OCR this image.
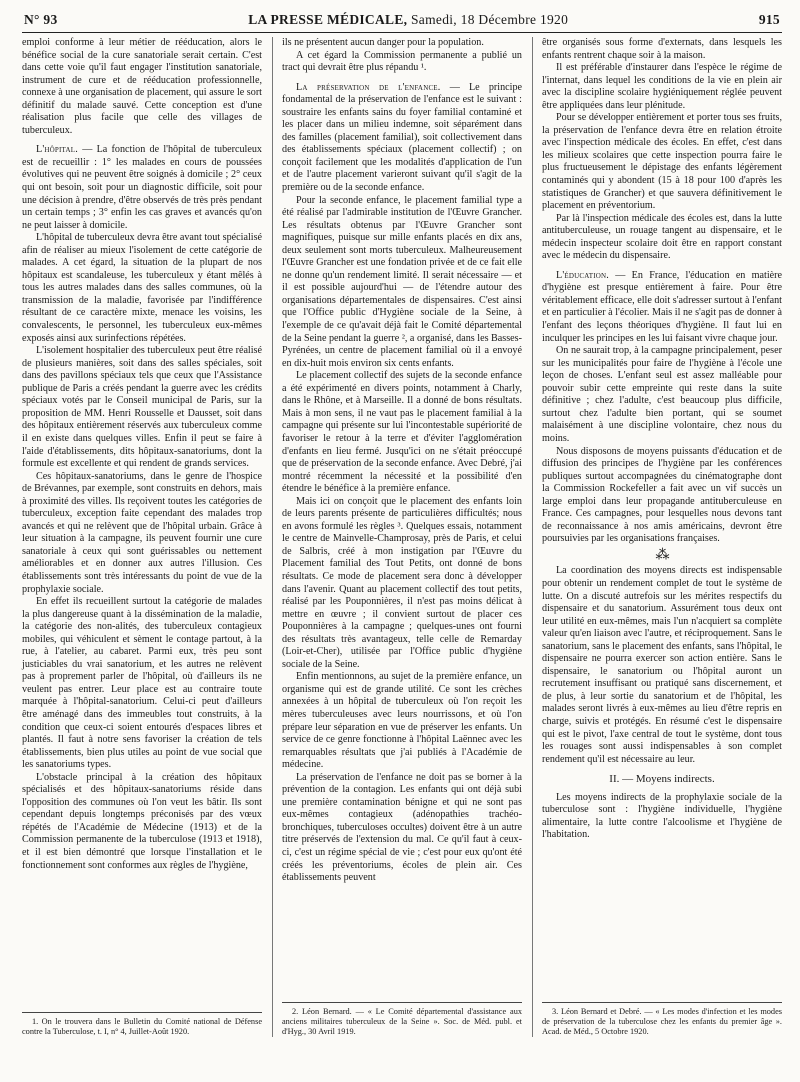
N° 93	LA PRESSE MÉDICALE, Samedi, 18 Décembre 1920	915

emploi conforme à leur métier de rééducation, alors le bénéfice social de la cure sanatoriale serait certain. C'est dans cette voie qu'il faut engager l'institution sanatoriale, instrument de cure et de rééducation professionnelle, connexe à une organisation de placement, qui assure le sort définitif du malade sauvé. Cette conception est d'une réalisation plus facile que celle des villages de tuberculeux.

L'hôpital. — La fonction de l'hôpital de tuberculeux est de recueillir : 1° les malades en cours de poussées évolutives qui ne peuvent être soignés à domicile ; 2° ceux qui ont besoin, soit pour un diagnostic difficile, soit pour une décision à prendre, d'être observés de très près pendant un certain temps ; 3° enfin les cas graves et avancés qu'on ne peut laisser à domicile.

L'hôpital de tuberculeux devra être avant tout spécialisé afin de réaliser au mieux l'isolement de cette catégorie de malades. A cet égard, la situation de la plupart de nos hôpitaux est scandaleuse, les tuberculeux y étant mêlés à tous les autres malades dans des salles communes, où la transmission de la maladie, favorisée par l'indifférence résultant de ce caractère mixte, menace les voisins, les convalescents, le personnel, les tuberculeux eux-mêmes exposés ainsi aux surinfections répétées.

L'isolement hospitalier des tuberculeux peut être réalisé de plusieurs manières, soit dans des salles spéciales, soit dans des pavillons spéciaux tels que ceux que l'Assistance publique de Paris a créés pendant la guerre avec les crédits spéciaux votés par le Conseil municipal de Paris, sur la proposition de MM. Henri Rousselle et Dausset, soit dans des hôpitaux entièrement réservés aux tuberculeux comme il en existe dans quelques villes. Enfin il peut se faire à l'aide d'établissements, dits hôpitaux-sanatoriums, dont la formule est excellente et qui rendent de grands services.

Ces hôpitaux-sanatoriums, dans le genre de l'hospice de Brévannes, par exemple, sont construits en dehors, mais à proximité des villes. Ils reçoivent toutes les catégories de tuberculeux, exception faite cependant des malades trop avancés et qui ne relèvent que de l'hôpital urbain. Grâce à leur situation à la campagne, ils peuvent fournir une cure sanatoriale à ceux qui sont guérissables ou nettement améliorables et en donner aux autres l'illusion. Ces établissements sont très intéressants du point de vue de la prophylaxie sociale.

En effet ils recueillent surtout la catégorie de malades la plus dangereuse quant à la dissémination de la maladie, la catégorie des non-alités, des tuberculeux contagieux mobiles, qui véhiculent et sèment le contage partout, à la rue, à l'atelier, au cabaret. Parmi eux, très peu sont justiciables du vrai sanatorium, et les autres ne relèvent pas à proprement parler de l'hôpital, où d'ailleurs ils ne veulent pas entrer. Leur place est au contraire toute marquée à l'hôpital-sanatorium. Celui-ci peut d'ailleurs être aménagé dans des immeubles tout construits, à la condition que ceux-ci soient entourés d'espaces libres et plantés. Il faut à notre sens favoriser la création de tels établissements, bien plus utiles au point de vue social que les sanatoriums types.

L'obstacle principal à la création des hôpitaux spécialisés et des hôpitaux-sanatoriums réside dans l'opposition des communes où l'on veut les bâtir. Ils sont cependant depuis longtemps préconisés par des vœux répétés de l'Académie de Médecine (1913) et de la Commission permanente de la tuberculose (1913 et 1918), et il est bien démontré que lorsque l'installation et le fonctionnement sont conformes aux règles de l'hygiène,

1. On le trouvera dans le Bulletin du Comité national de Défense contre la Tuberculose, t. I, n° 4, Juillet-Août 1920.

ils ne présentent aucun danger pour la population.

A cet égard la Commission permanente a publié un tract qui devrait être plus répandu ¹.

La préservation de l'enfance. — Le principe fondamental de la préservation de l'enfance est le suivant : soustraire les enfants sains du foyer familial contaminé et les placer dans un milieu indemne, soit séparément dans des familles (placement familial), soit collectivement dans des établissements spéciaux (placement collectif) ; on conçoit facilement que les modalités d'application de l'un et de l'autre placement varieront suivant qu'il s'agit de la première ou de la seconde enfance.

Pour la seconde enfance, le placement familial type a été réalisé par l'admirable institution de l'Œuvre Grancher. Les résultats obtenus par l'Œuvre Grancher sont magnifiques, puisque sur mille enfants placés en dix ans, deux seulement sont morts tuberculeux. Malheureusement l'Œuvre Grancher est une fondation privée et de ce fait elle ne donne qu'un rendement limité. Il serait nécessaire — et il est possible aujourd'hui — de l'étendre autour des organisations départementales de dispensaires. C'est ainsi que l'Office public d'Hygiène sociale de la Seine, à l'exemple de ce qu'avait déjà fait le Comité départemental de la Seine pendant la guerre ², a organisé, dans les Basses-Pyrénées, un centre de placement familial où il a envoyé en dix-huit mois environ six cents enfants.

Le placement collectif des sujets de la seconde enfance a été expérimenté en divers points, notamment à Charly, dans le Rhône, et à Marseille. Il a donné de bons résultats. Mais à mon sens, il ne vaut pas le placement familial à la campagne qui présente sur lui l'incontestable supériorité de favoriser le retour à la terre et d'éviter l'agglomération d'enfants en lieu fermé. Jusqu'ici on ne s'était préoccupé que de préservation de la seconde enfance. Avec Debré, j'ai montré récemment la nécessité et la possibilité d'en étendre le bénéfice à la première enfance.

Mais ici on conçoit que le placement des enfants loin de leurs parents présente de particulières difficultés; nous en avons formulé les règles ³. Quelques essais, notamment le centre de Mainvelle-Champrosay, près de Paris, et celui de Salbris, créé à mon instigation par l'Œuvre du Placement familial des Tout Petits, ont donné de bons résultats. Ce mode de placement sera donc à développer dans l'avenir. Quant au placement collectif des tout petits, réalisé par les Pouponnières, il n'est pas moins délicat à mettre en œuvre ; il convient surtout de placer ces Pouponnières à la campagne ; quelques-unes ont fourni des résultats très avantageux, telle celle de Remarday (Loir-et-Cher), utilisée par l'Office public d'hygiène sociale de la Seine.

Enfin mentionnons, au sujet de la première enfance, un organisme qui est de grande utilité. Ce sont les crèches annexées à un hôpital de tuberculeux où l'on reçoit les mères tuberculeuses avec leurs nourrissons, et où l'on prépare leur séparation en vue de préserver les enfants. Un service de ce genre fonctionne à l'hôpital Laënnec avec les remarquables résultats que j'ai publiés à l'Académie de médecine.

La préservation de l'enfance ne doit pas se borner à la prévention de la contagion. Les enfants qui ont déjà subi une première contamination bénigne et qui ne sont pas eux-mêmes contagieux (adénopathies trachéo-bronchiques, tuberculoses occultes) doivent être à un autre titre préservés de l'extension du mal. Ce qu'il faut à ceux-ci, c'est un régime spécial de vie ; c'est pour eux qu'ont été créés les préventoriums, écoles de plein air. Ces établissements peuvent

2. Léon Bernard. — « Le Comité départemental d'assistance aux anciens militaires tuberculeux de la Seine ». Soc. de Méd. publ. et d'Hyg., 30 Avril 1919.

être organisés sous forme d'externats, dans lesquels les enfants rentrent chaque soir à la maison.

Il est préférable d'instaurer dans l'espèce le régime de l'internat, dans lequel les conditions de la vie en plein air avec la discipline scolaire hygiéniquement réglée peuvent être appliquées dans leur plénitude.

Pour se développer entièrement et porter tous ses fruits, la préservation de l'enfance devra être en relation étroite avec l'inspection médicale des écoles. En effet, c'est dans les milieux scolaires que cette inspection pourra faire le plus fructueusement le dépistage des enfants légèrement contaminés qui y abondent (15 à 18 pour 100 d'après les statistiques de Grancher) et que sauvera définitivement le placement en préventorium.

Par là l'inspection médicale des écoles est, dans la lutte antituberculeuse, un rouage tangent au dispensaire, et le médecin inspecteur scolaire doit être en rapport constant avec le médecin du dispensaire.

L'éducation. — En France, l'éducation en matière d'hygiène est presque entièrement à faire. Pour être véritablement efficace, elle doit s'adresser surtout à l'enfant et en particulier à l'écolier. Mais il ne s'agit pas de donner à l'enfant des leçons théoriques d'hygiène. Il faut lui en inculquer les principes en les lui faisant vivre chaque jour.

On ne saurait trop, à la campagne principalement, peser sur les municipalités pour faire de l'hygiène à l'école une leçon de choses. L'enfant seul est assez malléable pour pouvoir subir cette empreinte qui reste dans la suite définitive ; chez l'adulte, c'est beaucoup plus difficile, surtout chez l'adulte bien portant, qui se soumet malaisément à une discipline volontaire, chez nous du moins.

Nous disposons de moyens puissants d'éducation et de diffusion des principes de l'hygiène par les conférences publiques surtout accompagnées du cinématographe dont la Commission Rockefeller a fait avec un vif succès un large emploi dans leur propagande antituberculeuse en France. Ces campagnes, pour lesquelles nous devons tant de reconnaissance à nos amis américains, devront être poursuivies par les organisations françaises.

⁂

La coordination des moyens directs est indispensable pour obtenir un rendement complet de tout le système de lutte. On a discuté autrefois sur les mérites respectifs du dispensaire et du sanatorium. Assurément tous deux ont leur utilité en eux-mêmes, mais l'un n'acquiert sa complète valeur qu'en liaison avec l'autre, et réciproquement. Sans le sanatorium, sans le placement des enfants, sans l'hôpital, le dispensaire ne pourra exercer son action entière. Sans le dispensaire, le sanatorium ou l'hôpital auront un recrutement insuffisant ou pratiqué sans discernement, et de plus, à leur sortie du sanatorium et de l'hôpital, les malades seront livrés à eux-mêmes au lieu d'être repris en charge, suivis et protégés. En résumé c'est le dispensaire qui est le pivot, l'axe central de tout le système, dont tous les rouages sont aussi indispensables à son complet rendement qu'il est nécessaire au leur.

II. — Moyens indirects.

Les moyens indirects de la prophylaxie sociale de la tuberculose sont : l'hygiène individuelle, l'hygiène alimentaire, la lutte contre l'alcoolisme et l'hygiène de l'habitation.

3. Léon Bernard et Debré. — « Les modes d'infection et les modes de préservation de la tuberculose chez les enfants du premier âge ». Acad. de Méd., 5 Octobre 1920.
